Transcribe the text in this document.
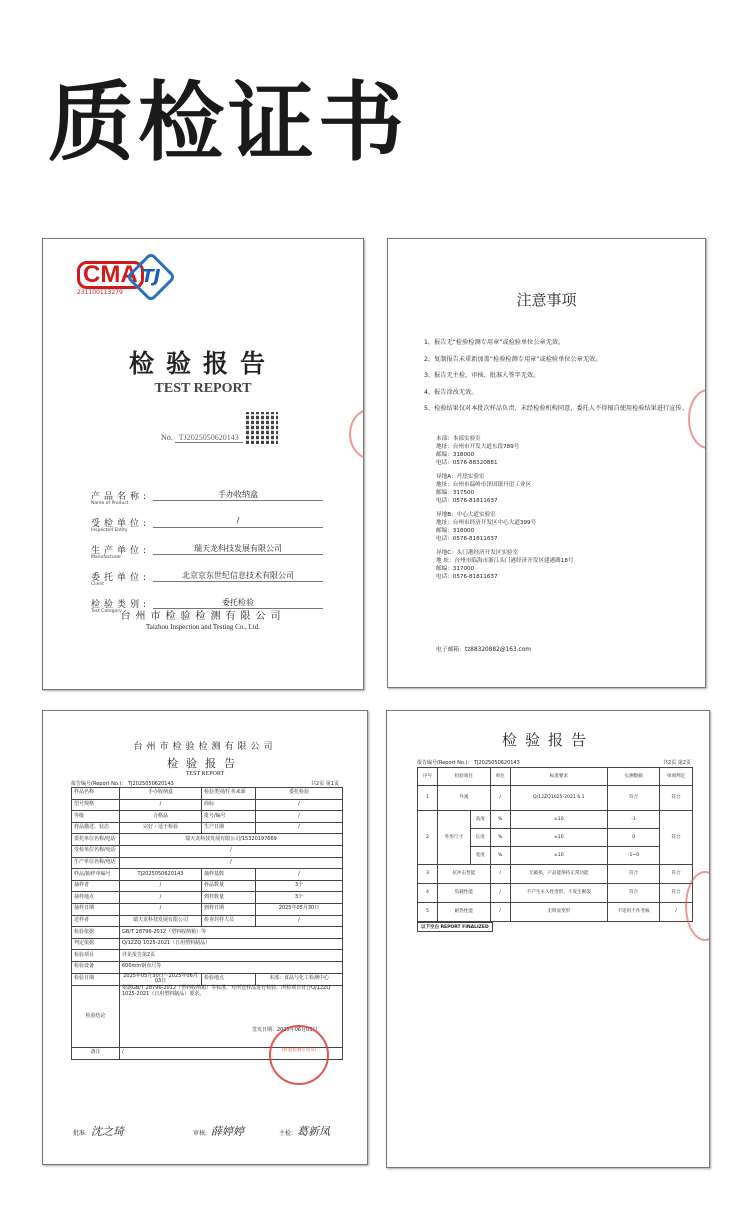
质检证书
CMA
231100113279
TJ
检验报告
TEST REPORT
No. TJ2025050620143
产品名称:
Name of Product
手办收纳盒
受检单位:
Inspected Entity
/
生产单位:
Manufacturer
瑞天龙科技发展有限公司
委托单位:
Client
北京京东世纪信息技术有限公司
检验类别:
Test Category
委托检验
台州市检验检测有限公司
Taizhou Inspection and Testing Co., Ltd.
注意事项
1、报告无“检验检测专用章”或检验单位公章无效。
2、复制报告未重新加盖“检验检测专用章”或检验单位公章无效。
3、报告无主检、审核、批准人签字无效。
4、报告涂改无效。
5、检验结果仅对本批次样品负责，未经检验机构同意，委托人不得擅自使用检验结果进行宣传。
本部：本部实验室
地址：台州市开发大道东段789号
邮编：318000
电话：0576-88320881
异地A：丹崖实验室
地址：台州市温岭市泽国镇丹崖工业区
邮编：317500
电话：0576-81811637
异地B：中心大道实验室
地址：台州市经济开发区中心大道399号
邮编：318000
电话：0576-81811637
异地C：头门港经济开发区实验室
地 址：台州市临海市浙江头门港经济开发区建港路18号
邮编：317000
电话：0576-81811637
电子邮箱：tz88320882@163.com
台州市检验检测有限公司
检验报告
TEST REPORT
报告编号(Report No.)： TJ2025050620143	共2页 第1页
样品名称	手办收纳盒	检验类别/任务来源	委托检验
型号规格	/	商标	/
等级	合格品	批号/编号	/
样品描述、状态	完好・适于检验	生产日期	/
委托单位名称/电话	瑞天龙科技发展有限公司/15320197669		
受检单位名称/电话	/		
生产单位名称/电话	/		
样品/抽样单编号	TJ2025050620143	抽样基数	/
抽样者	/	样品数量	3个
抽样地点	/	到样数量	3个
抽样日期	/	到样日期	2025年05月30日
送样者	瑞天龙科技发展有限公司	检查封样人员	/
检验依据	GB/T 28796-2012（塑料收纳箱）等		
判定依据	Q/12ZQ 1025-2021（日用塑料制品）		
检验项目	详见报告第2页		
检验设备	600mm钢直尺等		
检验日期	2025年05月30日～2025年06月03日	检验地点	本部：食品与化工检测中心
检验结论	依据GB/T 28796-2012（塑料收纳箱）等标准，对所送样品进行检验，所检项目符合Q/12ZQ 1025-2021（日用塑料制品）要求。
签发日期：2025年06月03日		

备注	/			(检验检测专用章)
批准: 沈之琦	审核: 薛婷婷	主检: 葛新凤
检验报告
报告编号(Report No.)： TJ2025050620143	共2页 第2页
序号	检验项目		单位	标准要求	实测数据	单项判定
1	外观		/	Q/12ZQ1025-2021 6.1	符合	符合
2	外形尺寸	高度	%	±10	-1	符合
		长度	%	±10	0	
		宽度	%	±10	-1~0	
3	抗冲击性能		/	无破损，产品能保持正常功能	符合	符合
4	负载性能		/	不产生永久性变形、不发生断裂	符合	符合
5	耐热性能		/	无明显变形	不适用不作考核	/
以下空白 REPORT FINALIZED
